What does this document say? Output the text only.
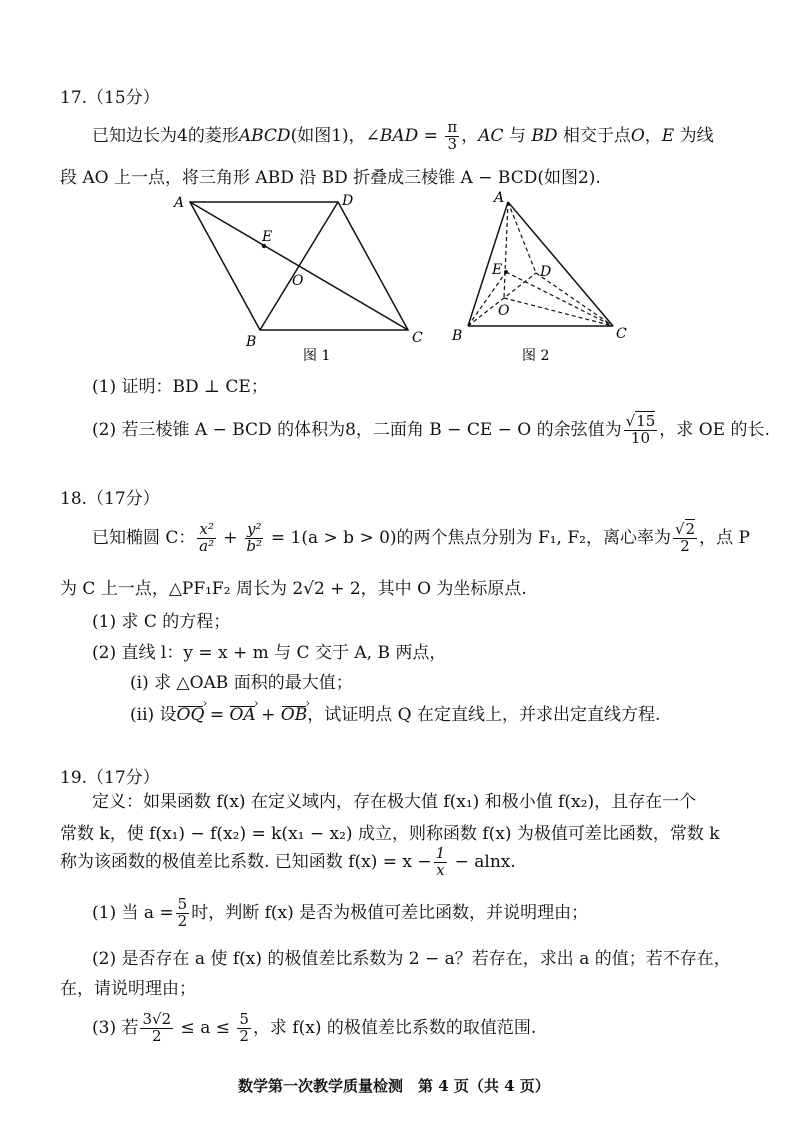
17.（15分）
已知边长为4的菱形ABCD(如图1)，∠BAD = $\frac{\pi}{3}$ ，AC 与 BD 相交于点O，E 为线
段 AO 上一点，将三角形 ABD 沿 BD 折叠成三棱锥 A − BCD(如图2).
A	D
B	C
E
O
图 1
A
D
B	C
E
O
图 2
(1) 证明：BD ⊥ CE；
(2) 若三棱锥 A − BCD 的体积为8，二面角 B − CE − O 的余弦值为 $\frac{√15}{10}$ ，求 OE 的长.
18.（17分）
已知椭圆 C： $\frac{\text{x²}}{\text{a²}} + \frac{\text{y²}}{\text{b²}} = 1(a > b > 0)$的两个焦点分别为 F₁, F₂，离心率为 $\frac{√2}{2}$ ，点 P
为 C 上一点，△PF₁F₂ 周长为 2√2 + 2，其中 O 为坐标原点.
(1) 求 C 的方程；
(2) 直线 l：y = x + m 与 C 交于 A, B 两点，
(i) 求 △OAB 面积的最大值；
(ii) 设OQ › = OA › + OB ›，试证明点 Q 在定直线上，并求出定直线方程.
19.（17分）
定义：如果函数 f(x) 在定义域内，存在极大值 f(x₁) 和极小值 f(x₂)，且存在一个
常数 k，使 f(x₁) − f(x₂) = k(x₁ − x₂) 成立，则称函数 f(x) 为极值可差比函数，常数 k
称为该函数的极值差比系数. 已知函数 $f(x) = x - \frac{1}{x} - alnx$.
(1) 当 $a = \frac{5}{2}$ 时，判断 f(x) 是否为极值可差比函数，并说明理由；
(2) 是否存在 a 使 f(x) 的极值差比系数为 2 − a？若存在，求出 a 的值；若不存在，
在，请说明理由；
(3) 若 $\frac{3√2}{2} \le a \le \frac{5}{2}$ ，求 f(x) 的极值差比系数的取值范围.
数学第一次教学质量检测　第 4 页（共 4 页）
